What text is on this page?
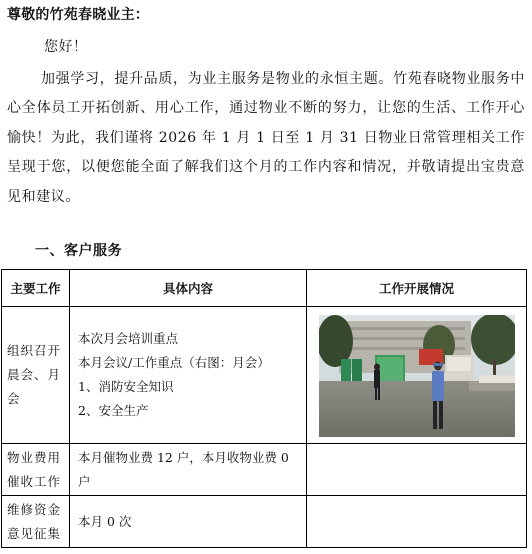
尊敬的竹苑春晓业主：
您好！
加强学习，提升品质，为业主服务是物业的永恒主题。竹苑春晓物业服务中心全体员工开拓创新、用心工作，通过物业不断的努力，让您的生活、工作开心愉快！为此，我们谨将 2026 年 1 月 1 日至 1 月 31 日物业日常管理相关工作呈现于您，以便您能全面了解我们这个月的工作内容和情况，并敬请提出宝贵意见和建议。
一、客户服务
主要工作	具体内容	工作开展情况
组织召开晨会、月会	本次月会培训重点
本月会议/工作重点（右图：月会）
1、消防安全知识
2、安全生产

物业费用催收工作	本月催物业费 12 户，本月收物业费 0 户	
维修资金意见征集	本月 0 次	
